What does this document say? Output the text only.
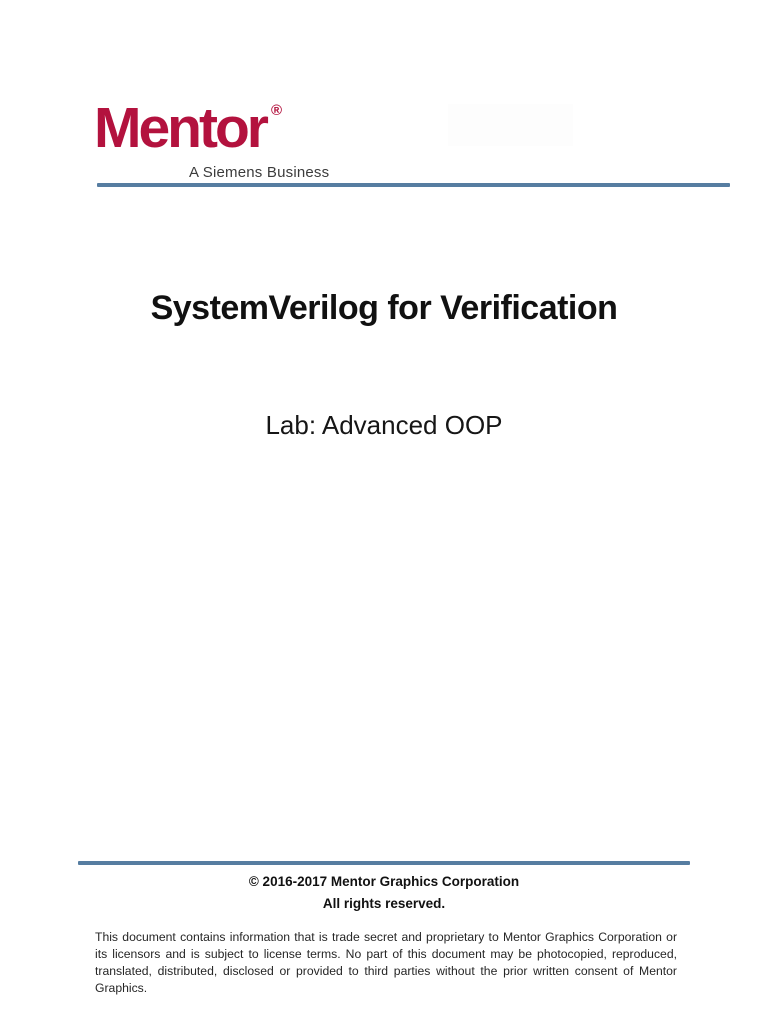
Mentor ®
A Siemens Business
SystemVerilog for Verification
Lab: Advanced OOP
© 2016-2017 Mentor Graphics Corporation
All rights reserved.

This document contains information that is trade secret and proprietary to Mentor Graphics Corporation or its licensors and is subject to license terms. No part of this document may be photocopied, reproduced, translated, distributed, disclosed or provided to third parties without the prior written consent of Mentor Graphics.
